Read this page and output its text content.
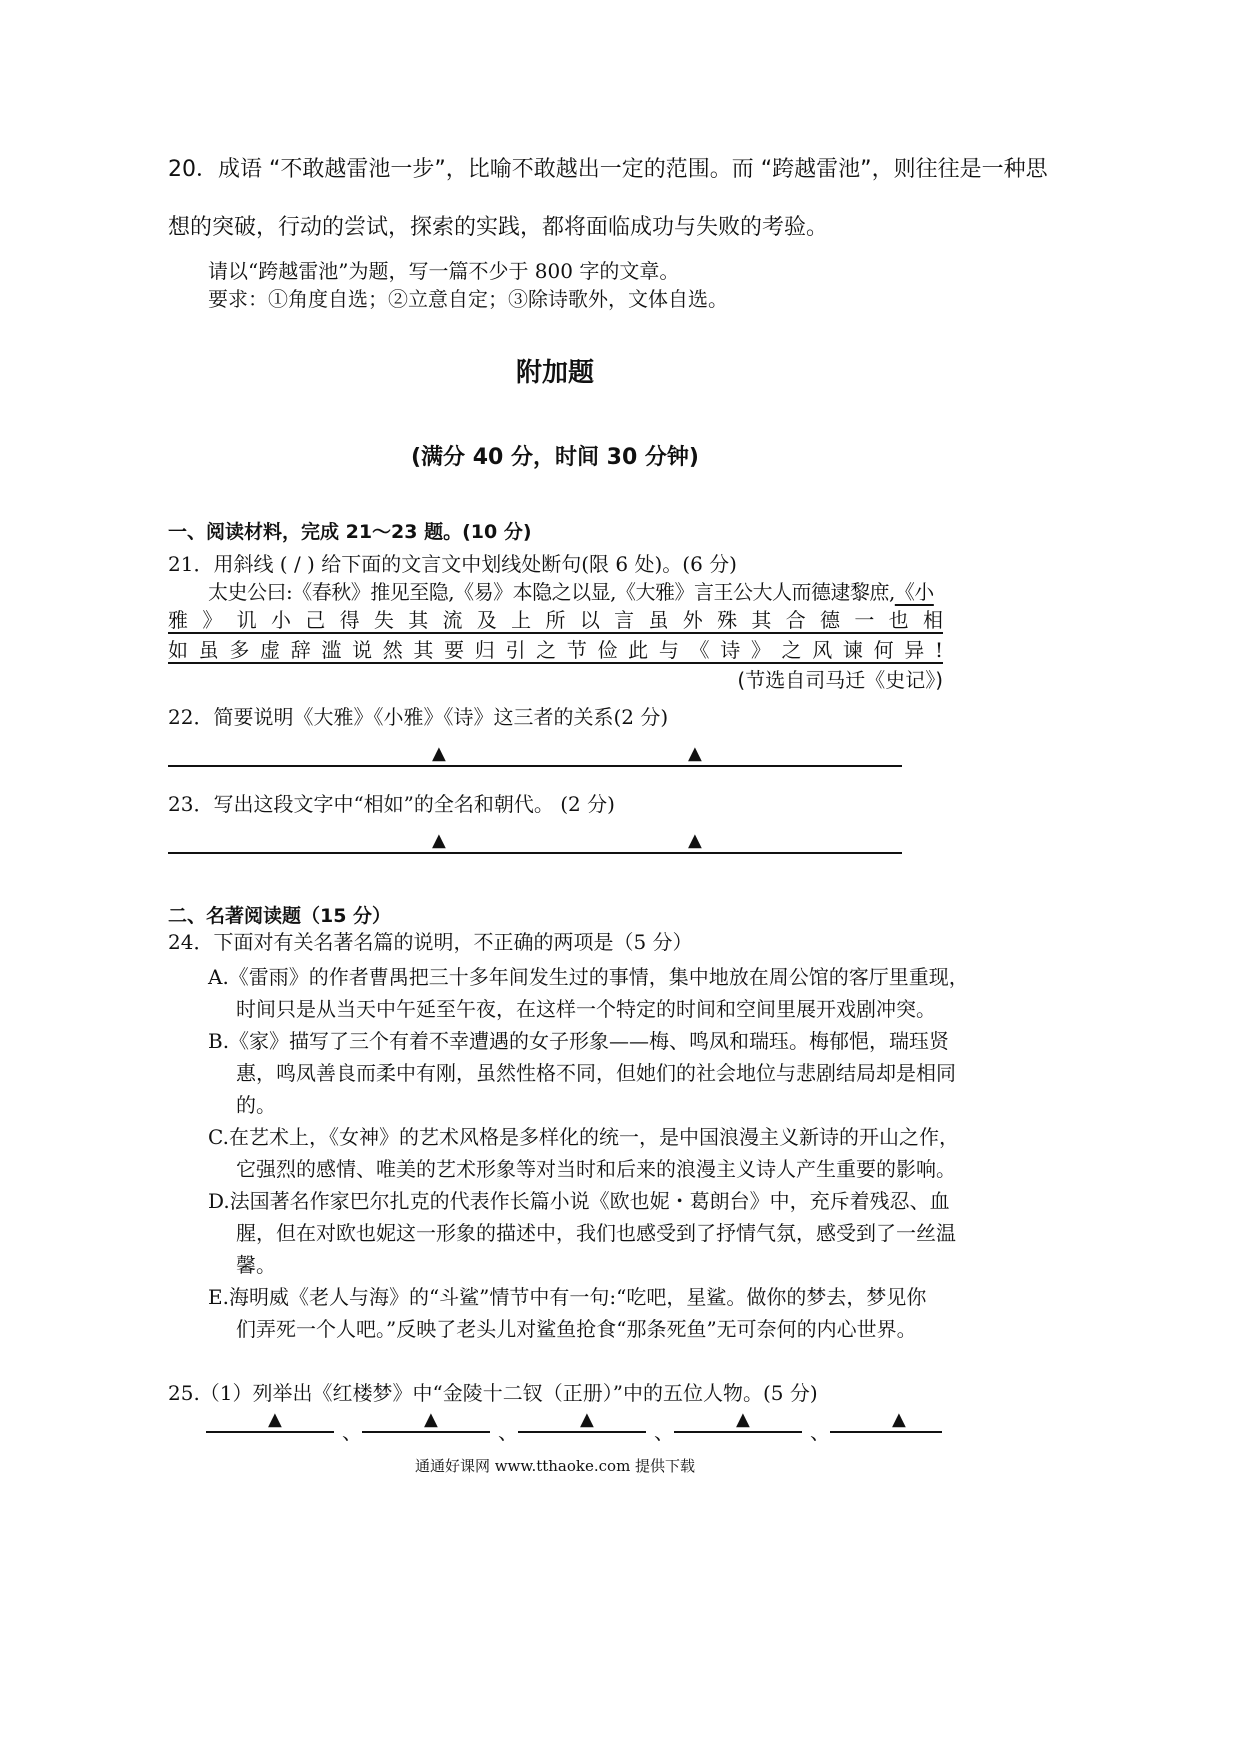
20．成语 “不敢越雷池一步”，比喻不敢越出一定的范围。而 “跨越雷池”，则往往是一种思
想的突破，行动的尝试，探索的实践，都将面临成功与失败的考验。
请以“跨越雷池”为题，写一篇不少于 800 字的文章。
要求：①角度自选；②立意自定；③除诗歌外，文体自选。
附加题
(满分 40 分，时间 30 分钟)
一、阅读材料，完成 21～23 题。(10 分)
21．用斜线 ( / ) 给下面的文言文中划线处断句(限 6 处)。(6 分)
太史公曰:《春秋》推见至隐,《易》本隐之以显,《大雅》言王公大人而德逮黎庶,《小
雅》讥小己得失其流及上所以言虽外殊其合德一也相
如虽多虚辞滥说然其要归引之节俭此与《诗》之风谏何异!
(节选自司马迁《史记》)
22．简要说明《大雅》《小雅》《诗》这三者的关系(2 分)
▲	▲
23．写出这段文字中“相如”的全名和朝代。 (2 分)
▲	▲
二、名著阅读题（15 分）
24．下面对有关名著名篇的说明，不正确的两项是（5 分）
A.《雷雨》的作者曹禺把三十多年间发生过的事情，集中地放在周公馆的客厅里重现，
时间只是从当天中午延至午夜，在这样一个特定的时间和空间里展开戏剧冲突。
B.《家》描写了三个有着不幸遭遇的女子形象——梅、鸣凤和瑞珏。梅郁悒，瑞珏贤
惠，鸣凤善良而柔中有刚，虽然性格不同，但她们的社会地位与悲剧结局却是相同
的。
C.在艺术上，《女神》的艺术风格是多样化的统一，是中国浪漫主义新诗的开山之作，
它强烈的感情、唯美的艺术形象等对当时和后来的浪漫主义诗人产生重要的影响。
D.法国著名作家巴尔扎克的代表作长篇小说《欧也妮・葛朗台》中，充斥着残忍、血
腥，但在对欧也妮这一形象的描述中，我们也感受到了抒情气氛，感受到了一丝温
馨。
E.海明威《老人与海》的“斗鲨”情节中有一句:“吃吧，星鲨。做你的梦去，梦见你
们弄死一个人吧。”反映了老头儿对鲨鱼抢食“那条死鱼”无可奈何的内心世界。
25.（1）列举出《红楼梦》中“金陵十二钗（正册）”中的五位人物。(5 分)
▲
、
▲
、
▲
、
▲
、
▲
通通好课网 www.tthaoke.com 提供下载
